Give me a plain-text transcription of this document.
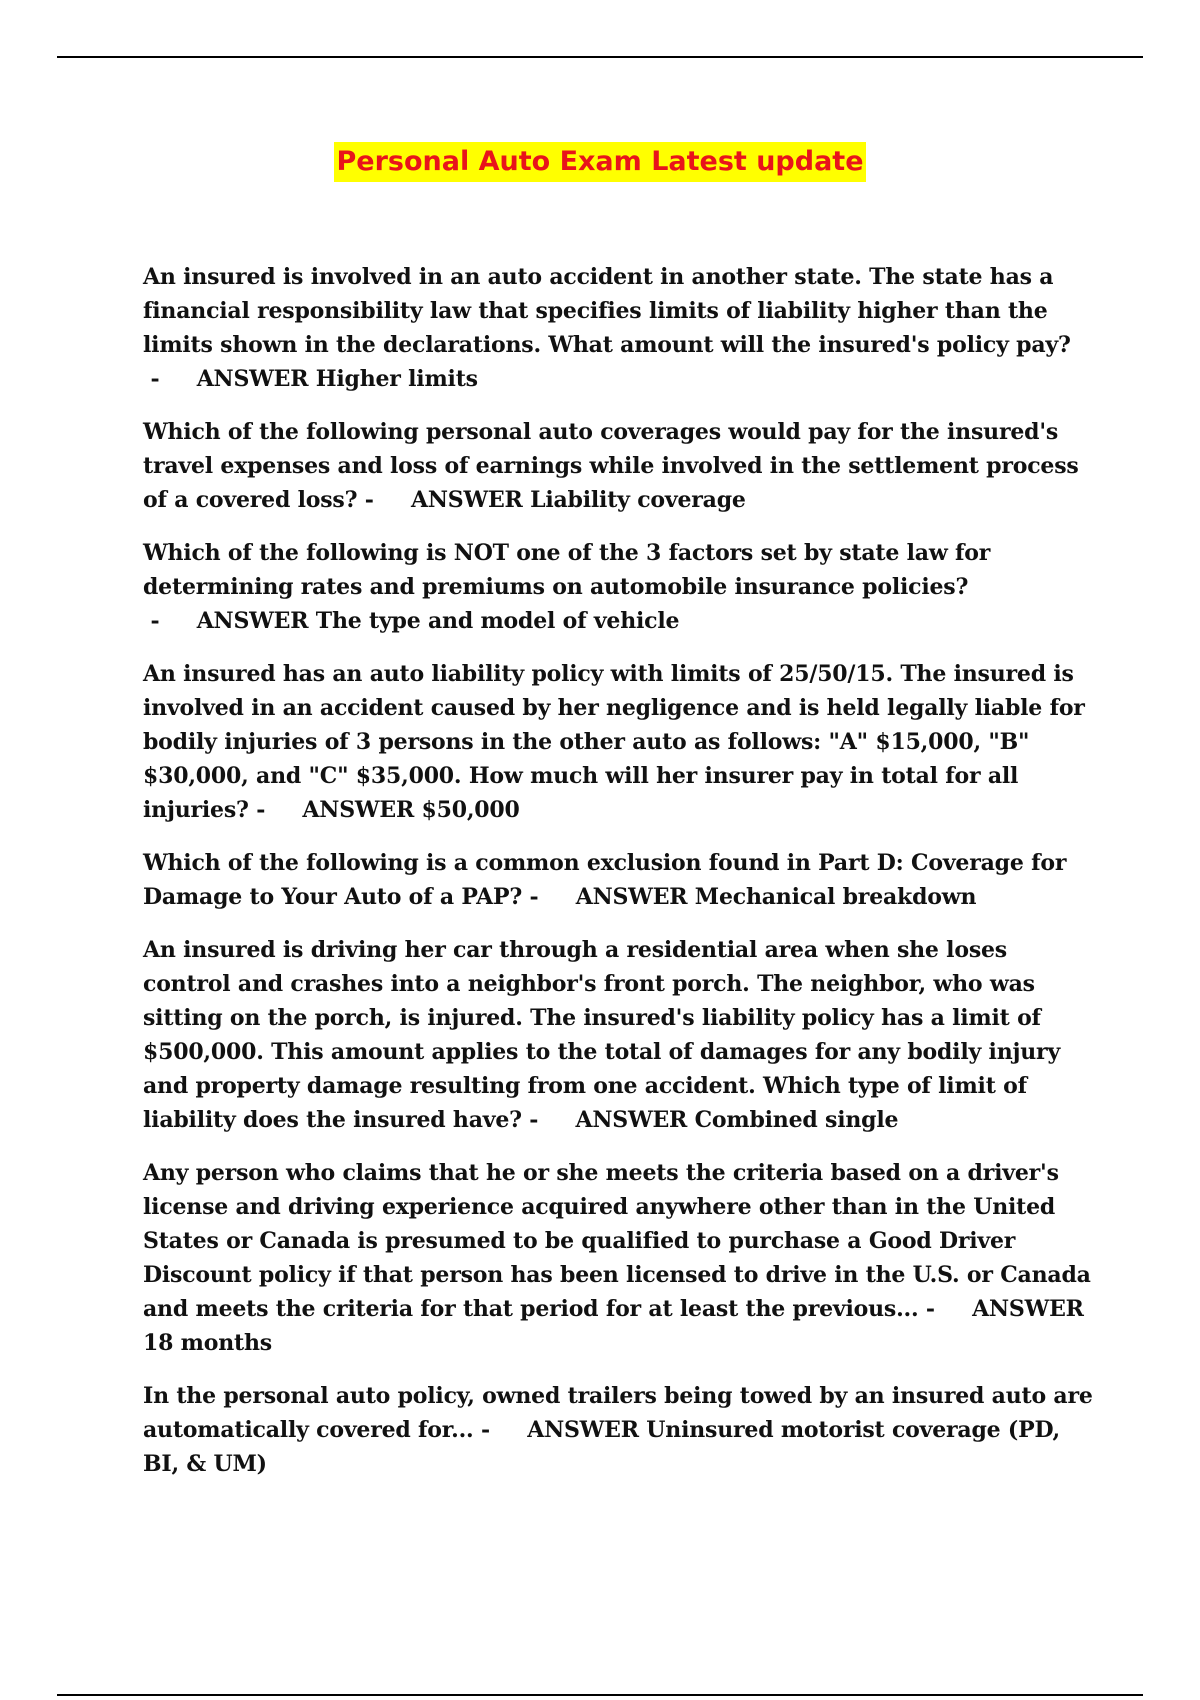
Personal Auto Exam Latest update

An insured is involved in an auto accident in another state. The state has a financial responsibility law that specifies limits of liability higher than the limits shown in the declarations. What amount will the insured's policy pay? -     ANSWER Higher limits

Which of the following personal auto coverages would pay for the insured's travel expenses and loss of earnings while involved in the settlement process of a covered loss? -     ANSWER Liability coverage

Which of the following is NOT one of the 3 factors set by state law for determining rates and premiums on automobile insurance policies? -     ANSWER The type and model of vehicle

An insured has an auto liability policy with limits of 25/50/15. The insured is involved in an accident caused by her negligence and is held legally liable for bodily injuries of 3 persons in the other auto as follows: "A" $15,000, "B" $30,000, and "C" $35,000. How much will her insurer pay in total for all injuries? -     ANSWER $50,000

Which of the following is a common exclusion found in Part D: Coverage for Damage to Your Auto of a PAP? -     ANSWER Mechanical breakdown

An insured is driving her car through a residential area when she loses control and crashes into a neighbor's front porch. The neighbor, who was sitting on the porch, is injured. The insured's liability policy has a limit of $500,000. This amount applies to the total of damages for any bodily injury and property damage resulting from one accident. Which type of limit of liability does the insured have? -     ANSWER Combined single

Any person who claims that he or she meets the criteria based on a driver's license and driving experience acquired anywhere other than in the United States or Canada is presumed to be qualified to purchase a Good Driver Discount policy if that person has been licensed to drive in the U.S. or Canada and meets the criteria for that period for at least the previous... -     ANSWER 18 months

In the personal auto policy, owned trailers being towed by an insured auto are automatically covered for... -     ANSWER Uninsured motorist coverage (PD, BI, & UM)
